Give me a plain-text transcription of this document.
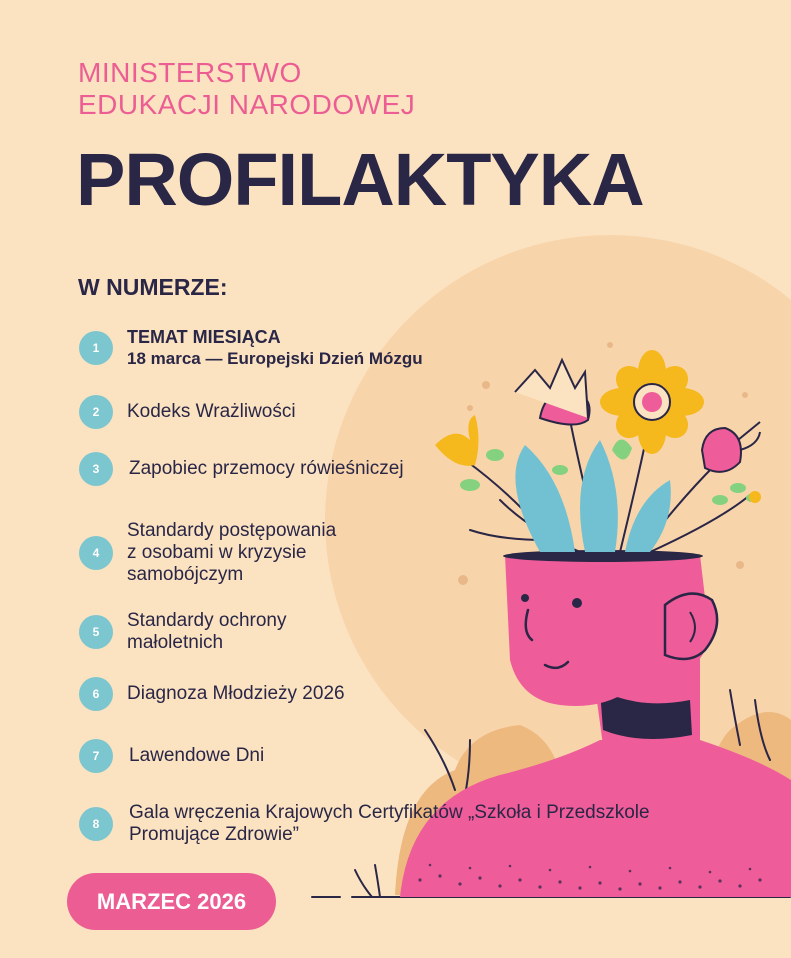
MINISTERSTWO
EDUKACJI NARODOWEJ
PROFILAKTYKA
W NUMERZE:
1
TEMAT MIESIĄCA
18 marca — Europejski Dzień Mózgu
2	Kodeks Wrażliwości
3	Zapobiec przemocy rówieśniczej
4
Standardy postępowania
z osobami w kryzysie
samobójczym
5
Standardy ochrony
małoletnich
6	Diagnoza Młodzieży 2026
7	Lawendowe Dni
8
Gala wręczenia Krajowych Certyfikatów „Szkoła i Przedszkole
Promujące Zdrowie”
MARZEC 2026
